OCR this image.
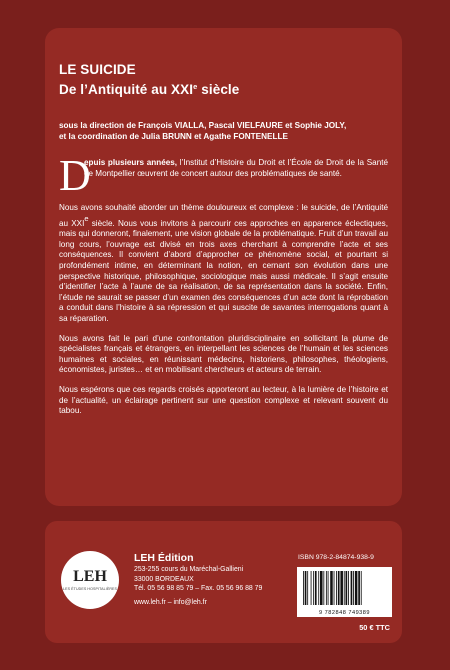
LE SUICIDE
De l’Antiquité au XXIe siècle
sous la direction de François VIALLA, Pascal VIELFAURE et Sophie JOLY,
et la coordination de Julia BRUNN et Agathe FONTENELLE
D
epuis plusieurs années, l’Institut d’Histoire du Droit et l’École de Droit de la Santé de Montpellier œuvrent de concert autour des problématiques de santé.

Nous avons souhaité aborder un thème douloureux et complexe : le suicide, de l’Antiquité au XXIe siècle. Nous vous invitons à parcourir ces approches en apparence éclectiques, mais qui donneront, finalement, une vision globale de la problématique. Fruit d’un travail au long cours, l’ouvrage est divisé en trois axes cherchant à comprendre l’acte et ses conséquences. Il convient d’abord d’approcher ce phénomène social, et pourtant si profondément intime, en déterminant la notion, en cernant son évolution dans une perspective historique, philosophique, sociologique mais aussi médicale. Il s’agit ensuite d’identifier l’acte à l’aune de sa réalisation, de sa représentation dans la société. Enfin, l’étude ne saurait se passer d’un examen des conséquences d’un acte dont la réprobation a conduit dans l’histoire à sa répression et qui suscite de savantes interrogations quant à sa réparation.

Nous avons fait le pari d’une confrontation pluridisciplinaire en sollicitant la plume de spécialistes français et étrangers, en interpellant les sciences de l’humain et les sciences humaines et sociales, en réunissant médecins, historiens, philosophes, théologiens, économistes, juristes… et en mobilisant chercheurs et acteurs de terrain.

Nous espérons que ces regards croisés apporteront au lecteur, à la lumière de l’histoire et de l’actualité, un éclairage pertinent sur une question complexe et relevant souvent du tabou.

LEH
LES ÉTUDES HOSPITALIÈRES
LEH Édition
253-255 cours du Maréchal-Gallieni
33000 BORDEAUX
Tél. 05 56 98 85 79 – Fax. 05 56 96 88 79
www.leh.fr – info@leh.fr
ISBN 978-2-84874-938-9
9 782848 749389
50 € TTC
